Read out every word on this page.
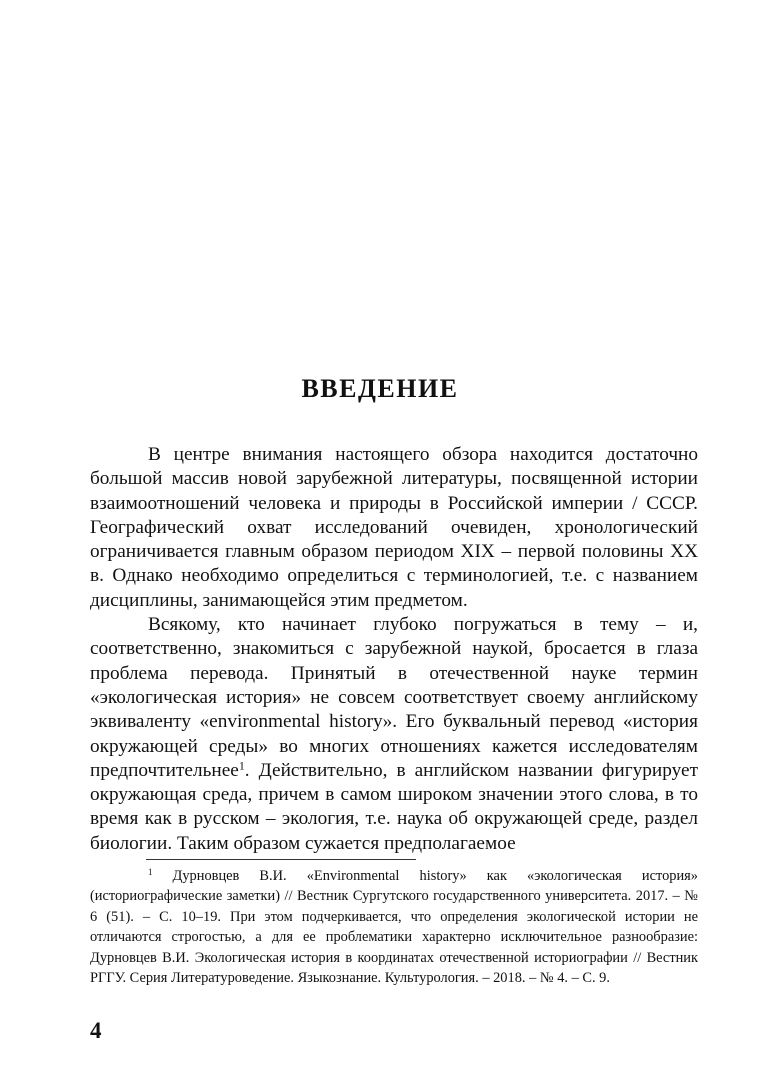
ВВЕДЕНИЕ

В центре внимания настоящего обзора находится достаточно большой массив новой зарубежной литературы, посвященной истории взаимоотношений человека и природы в Российской империи / СССР. Географический охват исследований очевиден, хронологический ограничивается главным образом периодом XIX – первой половины XX в. Однако необходимо определиться с терминологией, т.е. с названием дисциплины, занимающейся этим предметом.

Всякому, кто начинает глубоко погружаться в тему – и, соответственно, знакомиться с зарубежной наукой, бросается в глаза проблема перевода. Принятый в отечественной науке термин «экологическая история» не совсем соответствует своему английскому эквиваленту «environmental history». Его буквальный перевод «история окружающей среды» во многих отношениях кажется исследователям предпочтительнее$^1$. Действительно, в английском названии фигурирует окружающая среда, причем в самом широком значении этого слова, в то время как в русском – экология, т.е. наука об окружающей среде, раздел биологии. Таким образом сужается предполагаемое

$^1$ Дурновцев В.И. «Environmental history» как «экологическая история» (историографические заметки) // Вестник Сургутского государственного университета. 2017. – № 6 (51). – С. 10–19. При этом подчеркивается, что определения экологической истории не отличаются строгостью, а для ее проблематики характерно исключительное разнообразие: Дурновцев В.И. Экологическая история в координатах отечественной историографии // Вестник РГГУ. Серия Литературоведение. Языкознание. Культурология. – 2018. – № 4. – С. 9.
4
